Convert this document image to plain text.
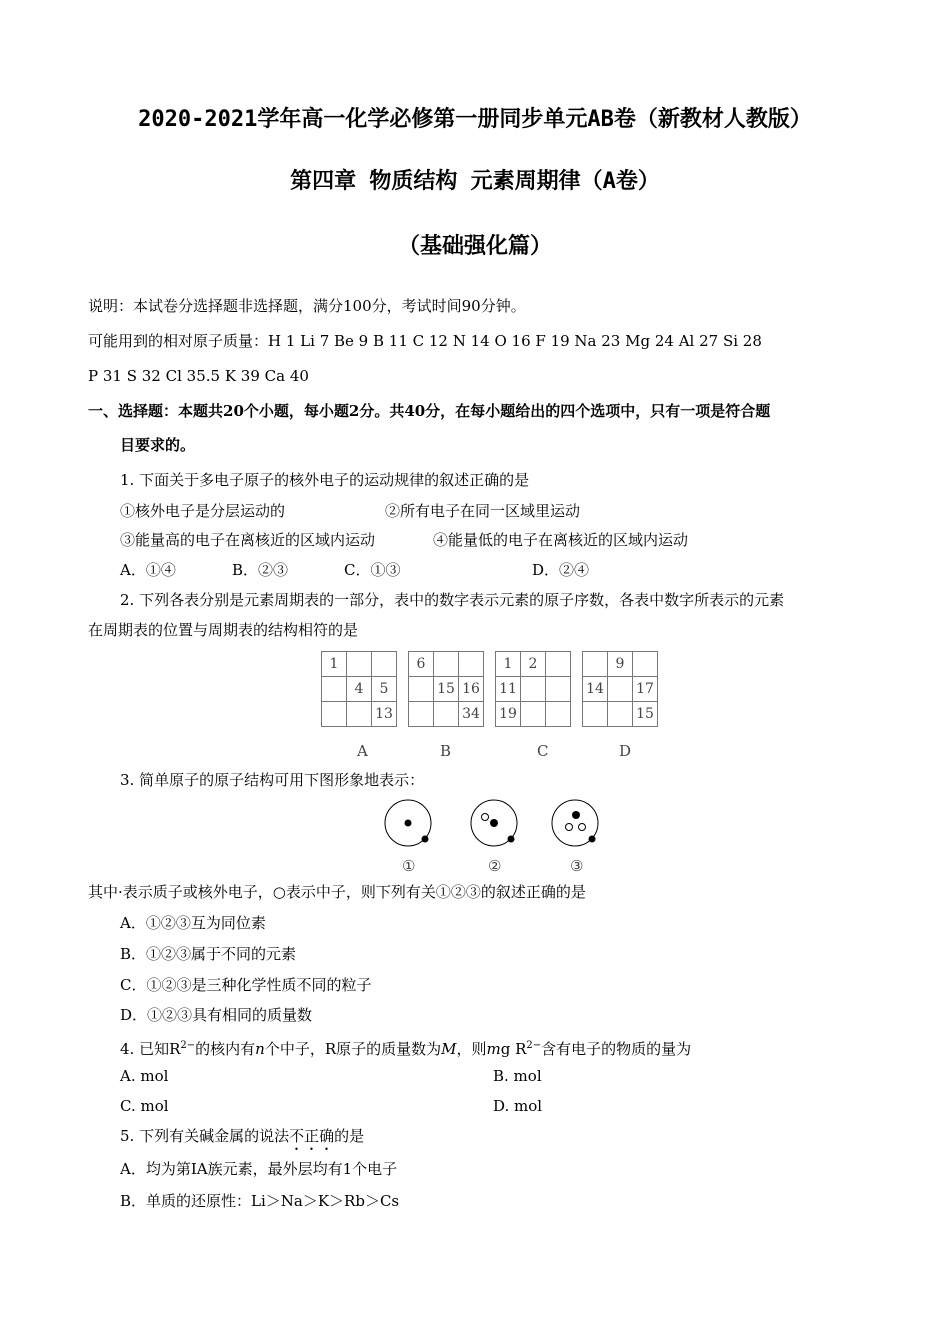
2020-2021学年高一化学必修第一册同步单元AB卷（新教材人教版）
第四章 物质结构 元素周期律（A卷）
（基础强化篇）
说明：本试卷分选择题非选择题，满分100分，考试时间90分钟。
可能用到的相对原子质量：H 1 Li 7 Be 9 B 11 C 12 N 14 O 16 F 19 Na 23 Mg 24 Al 27 Si 28
P 31 S 32 Cl 35.5 K 39 Ca 40
一、选择题：本题共20个小题，每小题2分。共40分，在每小题给出的四个选项中，只有一项是符合题
目要求的。
1. 下面关于多电子原子的核外电子的运动规律的叙述正确的是
①核外电子是分层运动的	②所有电子在同一区域里运动
③能量高的电子在离核近的区域内运动	④能量低的电子在离核近的区域内运动
A．①④	B．②③	C．①③	D．②④
2. 下列各表分别是元素周期表的一部分，表中的数字表示元素的原子序数，各表中数字所表示的元素
在周期表的位置与周期表的结构相符的是
1		
	4	5
		13
A
6		
	15	16
		34
B
1	2	
11		
19		
C
	9	
14		17
		15
D
3. 简单原子的原子结构可用下图形象地表示：
①	②	③
其中·表示质子或核外电子，○表示中子，则下列有关①②③的叙述正确的是
A．①②③互为同位素
B．①②③属于不同的元素
C．①②③是三种化学性质不同的粒子
D．①②③具有相同的质量数
4. 已知$R^{2-}$的核内有n个中子，R原子的质量数为M，则mg $R^{2-}$含有电子的物质的量为
A. mol	B. mol
C. mol	D. mol
5. 下列有关碱金属的说法不正确的是
A．均为第ⅠA族元素，最外层均有1个电子
B．单质的还原性：Li＞Na＞K＞Rb＞Cs
